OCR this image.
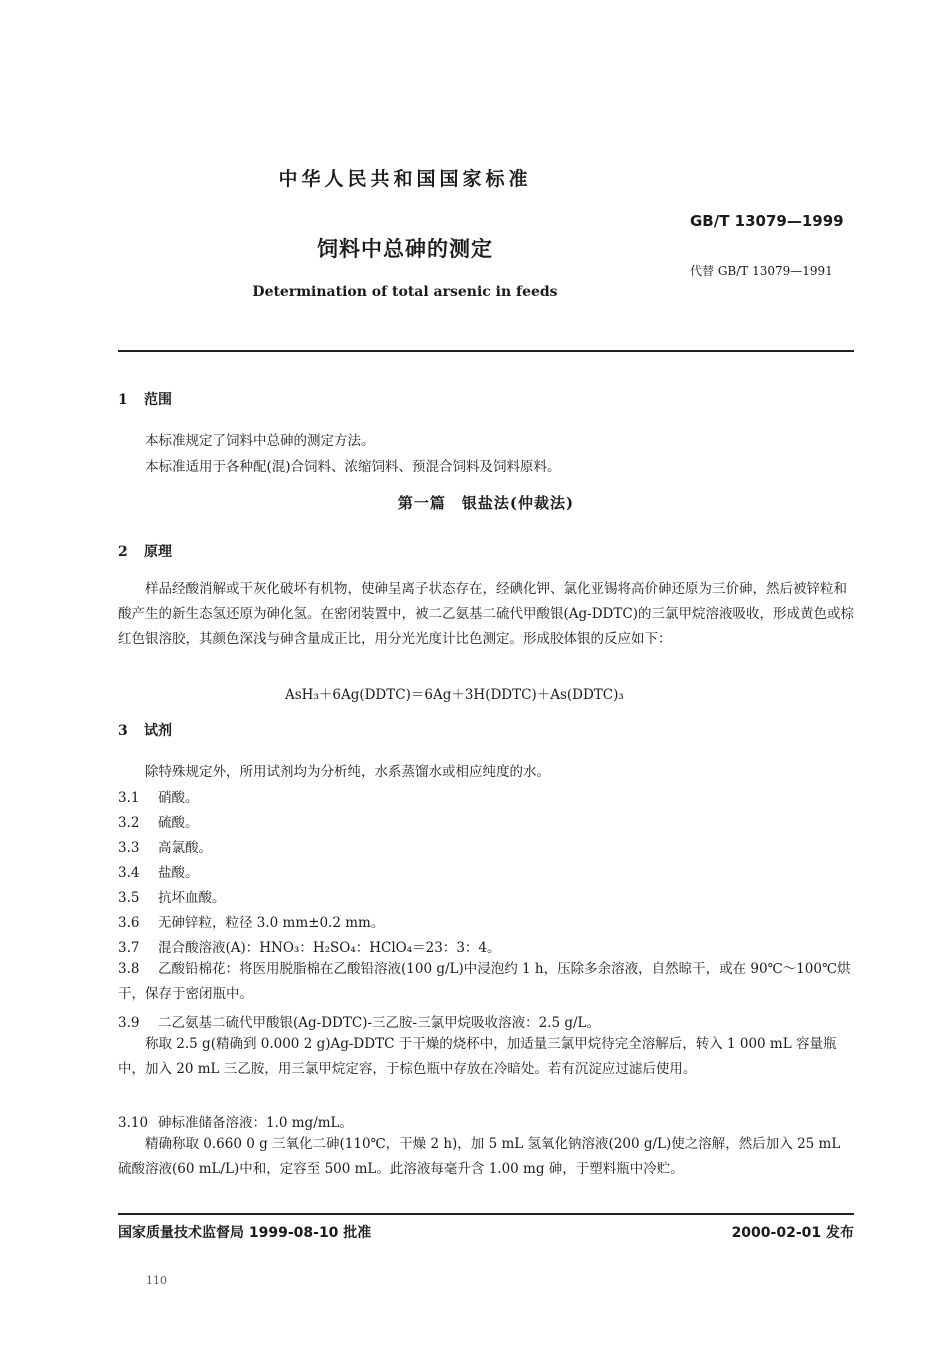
中华人民共和国国家标准
GB/T 13079—1999
饲料中总砷的测定
代替 GB/T 13079—1991
Determination of total arsenic in feeds
1 范围
本标准规定了饲料中总砷的测定方法。
本标准适用于各种配(混)合饲料、浓缩饲料、预混合饲料及饲料原料。
第一篇　银盐法(仲裁法)
2 原理
样品经酸消解或干灰化破坏有机物，使砷呈离子状态存在，经碘化钾、氯化亚锡将高价砷还原为三价砷，然后被锌粒和酸产生的新生态氢还原为砷化氢。在密闭装置中，被二乙氨基二硫代甲酸银(Ag-DDTC)的三氯甲烷溶液吸收，形成黄色或棕红色银溶胶，其颜色深浅与砷含量成正比，用分光光度计比色测定。形成胶体银的反应如下：
AsH₃＋6Ag(DDTC)＝6Ag＋3H(DDTC)＋As(DDTC)₃
3 试剂
除特殊规定外，所用试剂均为分析纯，水系蒸馏水或相应纯度的水。
3.1 硝酸。
3.2 硫酸。
3.3 高氯酸。
3.4 盐酸。
3.5 抗坏血酸。
3.6 无砷锌粒，粒径 3.0 mm±0.2 mm。
3.7 混合酸溶液(A)：HNO₃：H₂SO₄：HClO₄＝23：3：4。
3.8 乙酸铅棉花：将医用脱脂棉在乙酸铅溶液(100 g/L)中浸泡约 1 h，压除多余溶液，自然晾干，或在 90℃～100℃烘干，保存于密闭瓶中。
3.9 二乙氨基二硫代甲酸银(Ag-DDTC)-三乙胺-三氯甲烷吸收溶液：2.5 g/L。
称取 2.5 g(精确到 0.000 2 g)Ag-DDTC 于干燥的烧杯中，加适量三氯甲烷待完全溶解后，转入 1 000 mL 容量瓶中，加入 20 mL 三乙胺，用三氯甲烷定容，于棕色瓶中存放在冷暗处。若有沉淀应过滤后使用。
3.10 砷标准储备溶液：1.0 mg/mL。
精确称取 0.660 0 g 三氧化二砷(110℃，干燥 2 h)，加 5 mL 氢氧化钠溶液(200 g/L)使之溶解，然后加入 25 mL 硫酸溶液(60 mL/L)中和，定容至 500 mL。此溶液每毫升含 1.00 mg 砷，于塑料瓶中冷贮。
国家质量技术监督局 1999-08-10 批准	2000-02-01 发布
110
